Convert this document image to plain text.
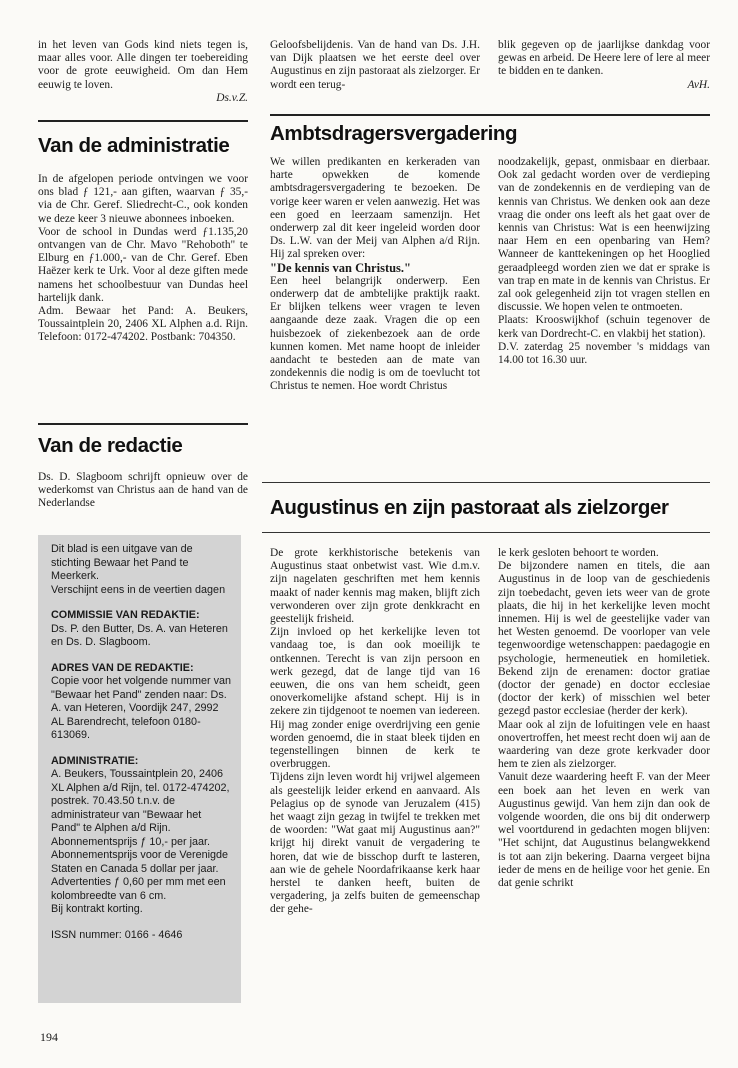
in het leven van Gods kind niets tegen is, maar alles voor. Alle dingen ter toebereiding voor de grote eeuwigheid. Om dan Hem eeuwig te loven.

Ds.v.Z.

Van de administratie

In de afgelopen periode ontvingen we voor ons blad ƒ 121,- aan giften, waarvan ƒ 35,- via de Chr. Geref. Sliedrecht-C., ook konden we deze keer 3 nieuwe abonnees inboeken.

Voor de school in Dundas werd ƒ1.135,20 ontvangen van de Chr. Mavo "Rehoboth" te Elburg en ƒ1.000,- van de Chr. Geref. Eben Haëzer kerk te Urk. Voor al deze giften mede namens het schoolbestuur van Dundas heel hartelijk dank.

Adm. Bewaar het Pand: A. Beukers, Toussaintplein 20, 2406 XL Alphen a.d. Rijn. Telefoon: 0172-474202. Postbank: 704350.

Van de redactie

Ds. D. Slagboom schrijft opnieuw over de wederkomst van Christus aan de hand van de Nederlandse

Dit blad is een uitgave van de stichting Bewaar het Pand te Meerkerk.

Verschijnt eens in de veertien dagen

COMMISSIE VAN REDAKTIE:

Ds. P. den Butter, Ds. A. van Heteren en Ds. D. Slagboom.

ADRES VAN DE REDAKTIE:

Copie voor het volgende nummer van "Bewaar het Pand" zenden naar: Ds. A. van Heteren, Voordijk 247, 2992 AL Barendrecht, telefoon 0180-613069.

ADMINISTRATIE:
A. Beukers, Toussaintplein 20, 2406 XL Alphen a/d Rijn, tel. 0172-474202, postrek. 70.43.50 t.n.v. de administrateur van "Bewaar het Pand" te Alphen a/d Rijn.
Abonnementsprijs ƒ 10,- per jaar.
Abonnementsprijs voor de Verenigde Staten en Canada 5 dollar per jaar.
Advertenties ƒ 0,60 per mm met een kolombreedte van 6 cm.

Bij kontrakt korting.

ISSN nummer: 0166 - 4646
194

Geloofsbelijdenis. Van de hand van Ds. J.H. van Dijk plaatsen we het eerste deel over Augustinus en zijn pastoraat als zielzorger. Er wordt een terug-

blik gegeven op de jaarlijkse dankdag voor gewas en arbeid. De Heere lere of lere al meer te bidden en te danken.

AvH.

Ambtsdragersvergadering

We willen predikanten en kerkeraden van harte opwekken de komende ambtsdragersvergadering te bezoeken. De vorige keer waren er velen aanwezig. Het was een goed en leerzaam samenzijn. Het onderwerp zal dit keer ingeleid worden door Ds. L.W. van der Meij van Alphen a/d Rijn. Hij zal spreken over:

"De kennis van Christus."

Een heel belangrijk onderwerp. Een onderwerp dat de ambtelijke praktijk raakt. Er blijken telkens weer vragen te leven aangaande deze zaak. Vragen die op een huisbezoek of ziekenbezoek aan de orde kunnen komen. Met name hoopt de inleider aandacht te besteden aan de mate van zondekennis die nodig is om de toevlucht tot Christus te nemen. Hoe wordt Christus

noodzakelijk, gepast, onmisbaar en dierbaar. Ook zal gedacht worden over de verdieping van de zondekennis en de verdieping van de kennis van Christus. We denken ook aan deze vraag die onder ons leeft als het gaat over de kennis van Christus: Wat is een heenwijzing naar Hem en een openbaring van Hem? Wanneer de kanttekeningen op het Hooglied geraadpleegd worden zien we dat er sprake is van trap en mate in de kennis van Christus. Er zal ook gelegenheid zijn tot vragen stellen en discussie. We hopen velen te ontmoeten.

Plaats: Krooswijkhof (schuin tegenover de kerk van Dordrecht-C. en vlakbij het station).

D.V. zaterdag 25 november 's middags van 14.00 tot 16.30 uur.

Augustinus en zijn pastoraat als zielzorger

De grote kerkhistorische betekenis van Augustinus staat onbetwist vast. Wie d.m.v. zijn nagelaten geschriften met hem kennis maakt of nader kennis mag maken, blijft zich verwonderen over zijn grote denkkracht en geestelijk frisheid.

Zijn invloed op het kerkelijke leven tot vandaag toe, is dan ook moeilijk te ontkennen. Terecht is van zijn persoon en werk gezegd, dat de lange tijd van 16 eeuwen, die ons van hem scheidt, geen onoverkomelijke afstand schept. Hij is in zekere zin tijdgenoot te noemen van iedereen. Hij mag zonder enige overdrijving een genie worden genoemd, die in staat bleek tijden en tegenstellingen binnen de kerk te overbruggen.

Tijdens zijn leven wordt hij vrijwel algemeen als geestelijk leider erkend en aanvaard. Als Pelagius op de synode van Jeruzalem (415) het waagt zijn gezag in twijfel te trekken met de woorden: "Wat gaat mij Augustinus aan?" krijgt hij direkt vanuit de vergadering te horen, dat wie de bisschop durft te lasteren, aan wie de gehele Noordafrikaanse kerk haar herstel te danken heeft, buiten de vergadering, ja zelfs buiten de gemeenschap der gehe-

le kerk gesloten behoort te worden.

De bijzondere namen en titels, die aan Augustinus in de loop van de geschiedenis zijn toebedacht, geven iets weer van de grote plaats, die hij in het kerkelijke leven mocht innemen. Hij is wel de geestelijke vader van het Westen genoemd. De voorloper van vele tegenwoordige wetenschappen: paedagogie en psychologie, hermeneutiek en homiletiek. Bekend zijn de erenamen: doctor gratiae (doctor der genade) en doctor ecclesiae (doctor der kerk) of misschien wel beter gezegd pastor ecclesiae (herder der kerk).

Maar ook al zijn de lofuitingen vele en haast onovertroffen, het meest recht doen wij aan de waardering van deze grote kerkvader door hem te zien als zielzorger.

Vanuit deze waardering heeft F. van der Meer een boek aan het leven en werk van Augustinus gewijd. Van hem zijn dan ook de volgende woorden, die ons bij dit onderwerp wel voortdurend in gedachten mogen blijven: "Het schijnt, dat Augustinus belangwekkend is tot aan zijn bekering. Daarna vergeet bijna ieder de mens en de heilige voor het genie. En dat genie schrikt
